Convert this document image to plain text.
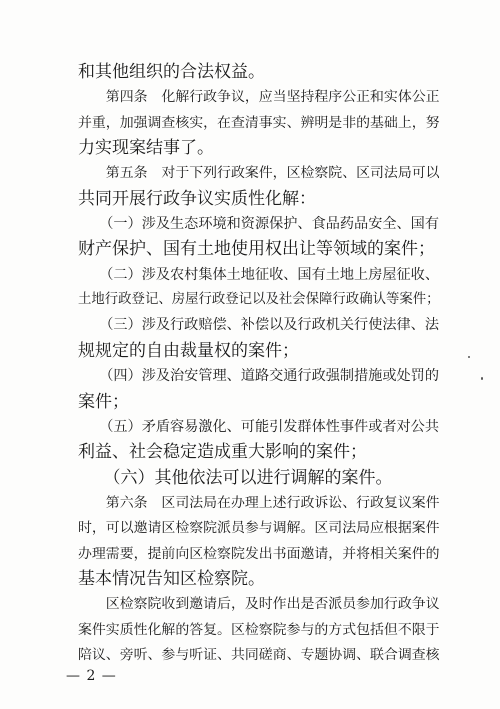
和其他组织的合法权益。

　　第四条　化解行政争议，应当坚持程序公正和实体公正

并重，加强调查核实，在查清事实、辨明是非的基础上，努

力实现案结事了。

　　第五条　对于下列行政案件，区检察院、区司法局可以

共同开展行政争议实质性化解：

　　（一）涉及生态环境和资源保护、食品药品安全、国有

财产保护、国有土地使用权出让等领域的案件；

　　（二）涉及农村集体土地征收、国有土地上房屋征收、

土地行政登记、房屋行政登记以及社会保障行政确认等案件；

　　（三）涉及行政赔偿、补偿以及行政机关行使法律、法

规规定的自由裁量权的案件；

　　（四）涉及治安管理、道路交通行政强制措施或处罚的

案件；

　　（五）矛盾容易激化、可能引发群体性事件或者对公共

利益、社会稳定造成重大影响的案件；

　　（六）其他依法可以进行调解的案件。

　　第六条　区司法局在办理上述行政诉讼、行政复议案件

时，可以邀请区检察院派员参与调解。区司法局应根据案件

办理需要，提前向区检察院发出书面邀请，并将相关案件的

基本情况告知区检察院。

　　区检察院收到邀请后，及时作出是否派员参加行政争议

案件实质性化解的答复。区检察院参与的方式包括但不限于

陪议、旁听、参与听证、共同磋商、专题协调、联合调查核

— 2 —
